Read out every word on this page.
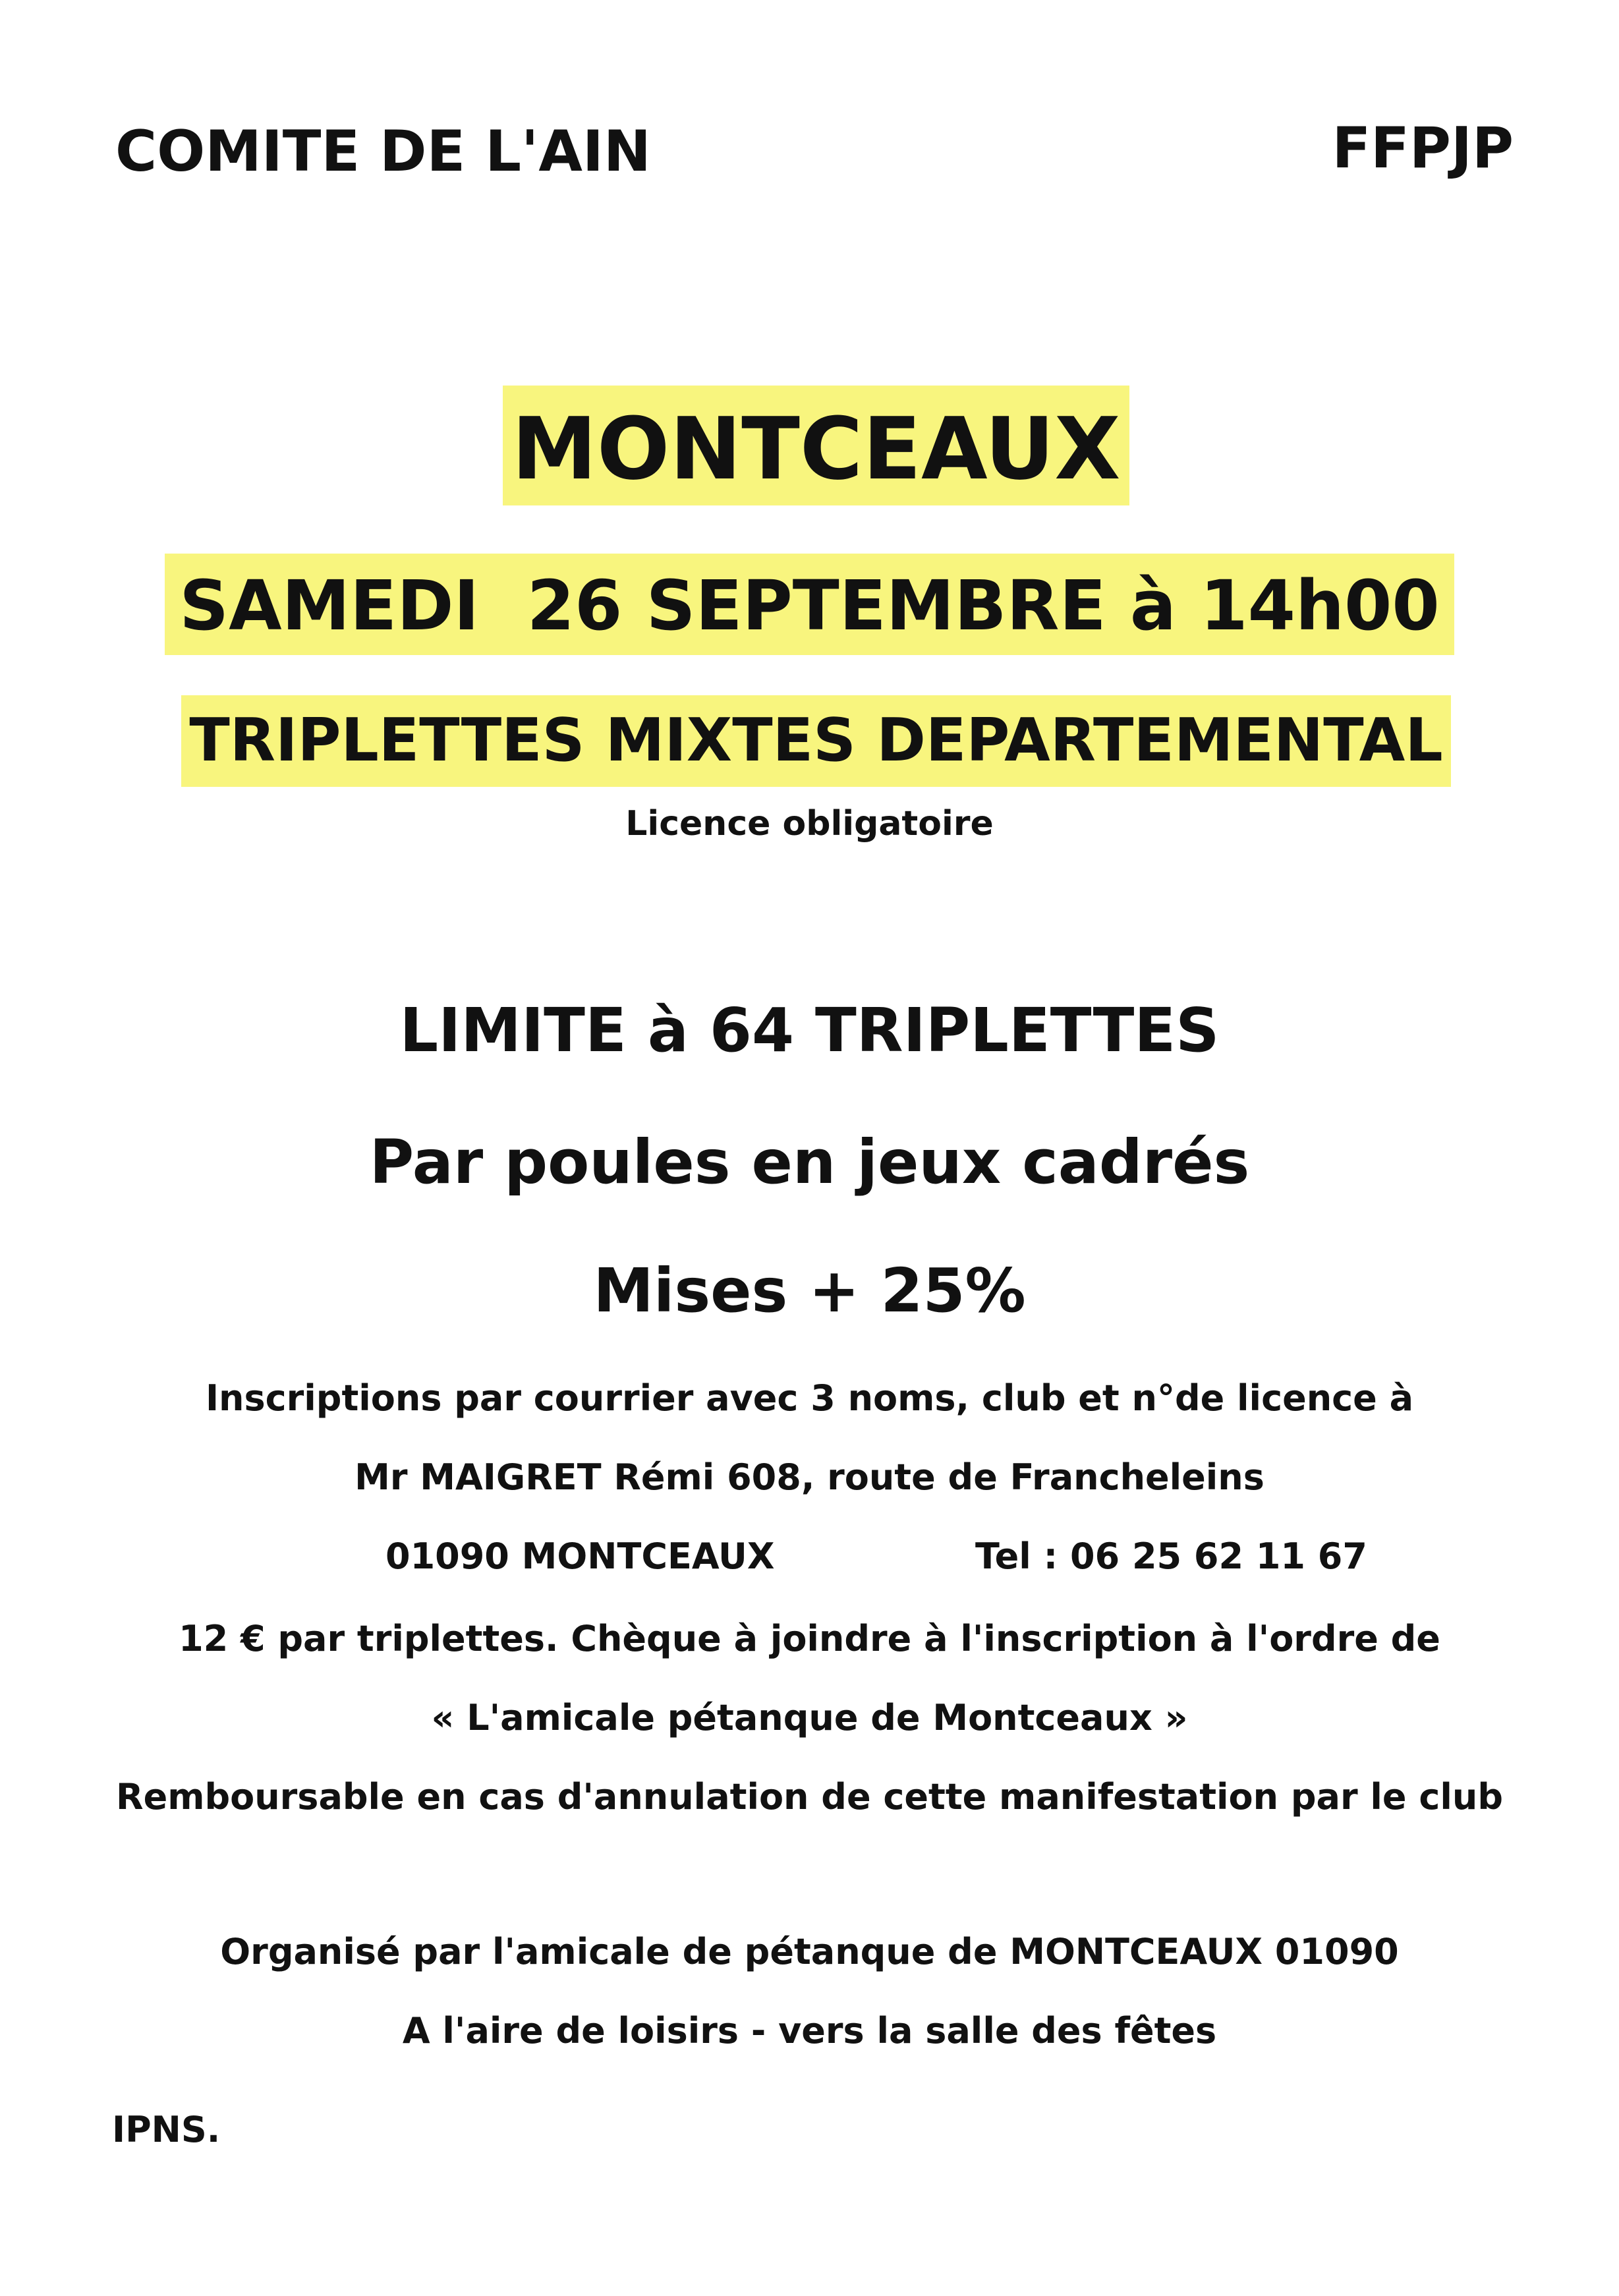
COMITE DE L'AIN	FFPJP
MONTCEAUX
SAMEDI  26 SEPTEMBRE à 14h00
TRIPLETTES MIXTES DEPARTEMENTAL
Licence obligatoire
LIMITE à 64 TRIPLETTES
Par poules en jeux cadrés
Mises + 25%
Inscriptions par courrier avec 3 noms, club et n°de licence à
Mr MAIGRET Rémi 608, route de Francheleins
01090 MONTCEAUX	Tel : 06 25 62 11 67
12 € par triplettes. Chèque à joindre à l'inscription à l'ordre de
« L'amicale pétanque de Montceaux »
Remboursable en cas d'annulation de cette manifestation par le club
Organisé par l'amicale de pétanque de MONTCEAUX 01090
A l'aire de loisirs - vers la salle des fêtes
IPNS.
